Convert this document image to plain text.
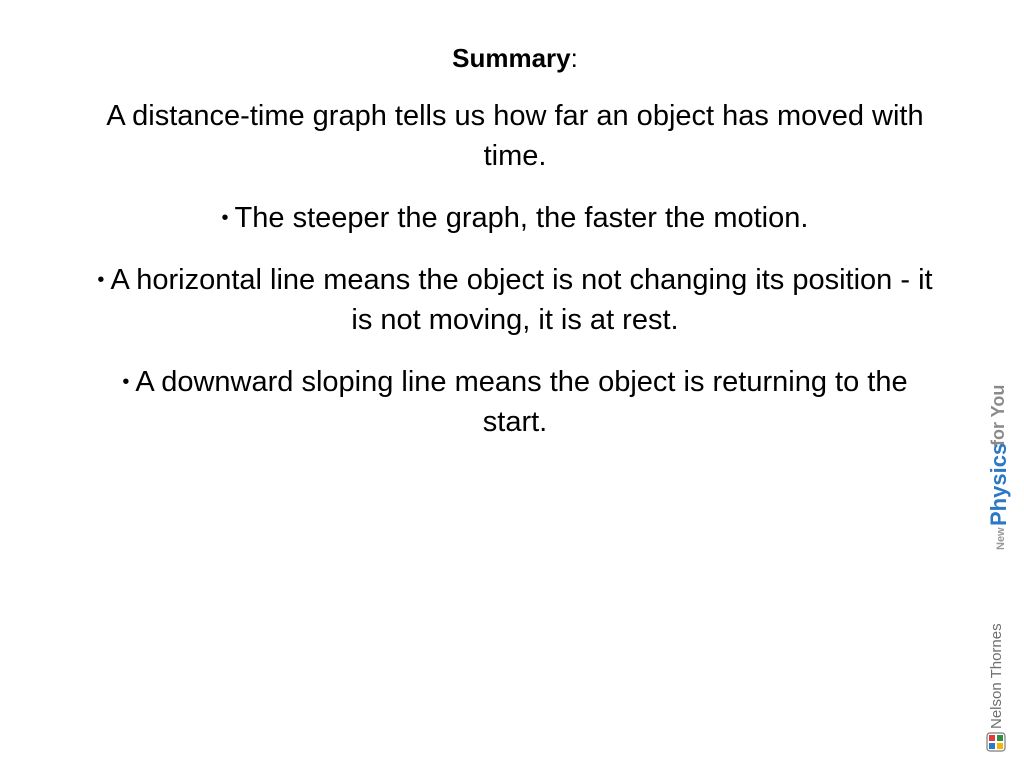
Summary:

A distance-time graph tells us how far an object has moved with time.

• The steeper the graph, the faster the motion.

• A horizontal line means the object is not changing its position - it is not moving, it is at rest.

• A downward sloping line means the object is returning to the start.

New
Physics
for You
Nelson Thornes
